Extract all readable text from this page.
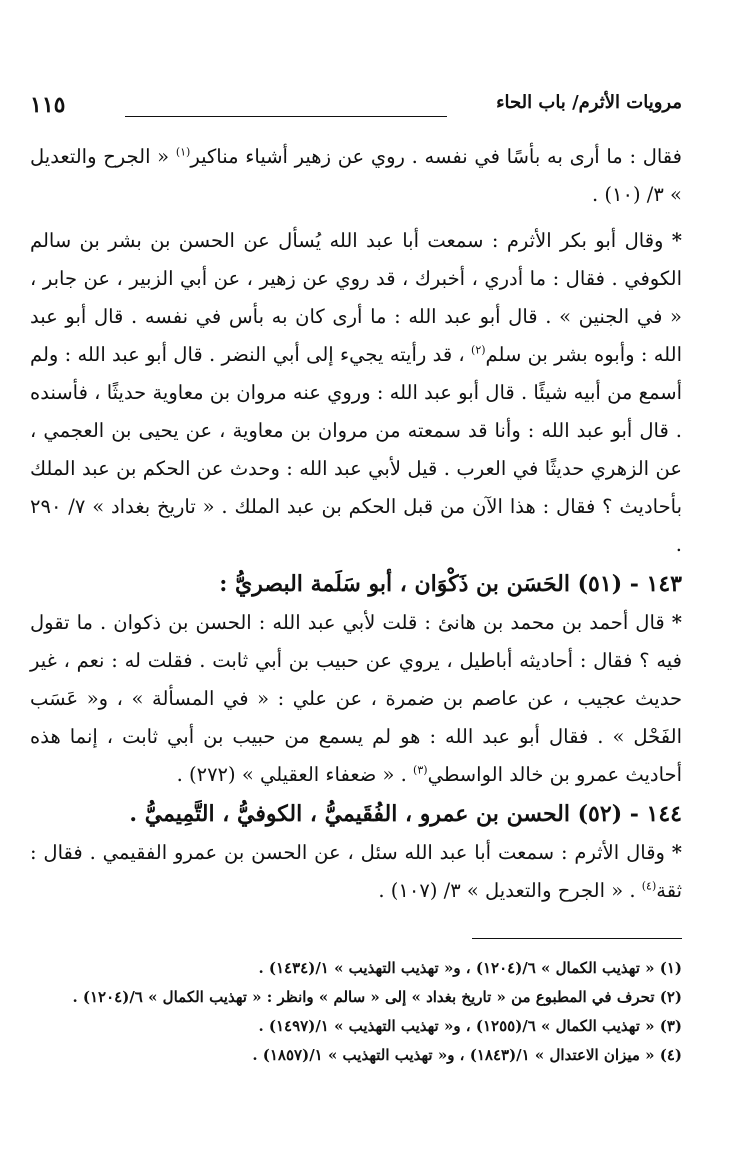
مرويات الأثرم/ باب الحاء
١١٥

فقال : ما أرى به بأسًا في نفسه . روي عن زهير أشياء مناكير$^{(١)}$ « الجرح والتعديل » ٣/ (١٠) .

* وقال أبو بكر الأثرم : سمعت أبا عبد الله يُسأل عن الحسن بن بشر بن سالم الكوفي . فقال : ما أدري ، أخبرك ، قد روي عن زهير ، عن أبي الزبير ، عن جابر ، « في الجنين » . قال أبو عبد الله : ما أرى كان به بأس في نفسه . قال أبو عبد الله : وأبوه بشر بن سلم$^{(٢)}$ ، قد رأيته يجيء إلى أبي النضر . قال أبو عبد الله : ولم أسمع من أبيه شيئًا . قال أبو عبد الله : وروي عنه مروان بن معاوية حديثًا ، فأسنده . قال أبو عبد الله : وأنا قد سمعته من مروان بن معاوية ، عن يحيى بن العجمي ، عن الزهري حديثًا في العرب . قيل لأبي عبد الله : وحدث عن الحكم بن عبد الملك بأحاديث ؟ فقال : هذا الآن من قبل الحكم بن عبد الملك . « تاريخ بغداد » ٧/ ٢٩٠ .

١٤٣ - (٥١) الحَسَن بن ذَكْوَان ، أبو سَلَمة البصريُّ :

* قال أحمد بن محمد بن هانئ : قلت لأبي عبد الله : الحسن بن ذكوان . ما تقول فيه ؟ فقال : أحاديثه أباطيل ، يروي عن حبيب بن أبي ثابت . فقلت له : نعم ، غير حديث عجيب ، عن عاصم بن ضمرة ، عن علي : « في المسألة » ، و« عَسَب الفَحْل » . فقال أبو عبد الله : هو لم يسمع من حبيب بن أبي ثابت ، إنما هذه أحاديث عمرو بن خالد الواسطي$^{(٣)}$ . « ضعفاء العقيلي » (٢٧٢) .

١٤٤ - (٥٢) الحسن بن عمرو ، الفُقَيميُّ ، الكوفيُّ ، التَّمِيميُّ .

* وقال الأثرم : سمعت أبا عبد الله سئل ، عن الحسن بن عمرو الفقيمي . فقال : ثقة$^{(٤)}$ . « الجرح والتعديل » ٣/ (١٠٧) .

(١) « تهذيب الكمال » ٦/(١٢٠٤) ، و« تهذيب التهذيب » ١/(١٤٣٤) .

(٢) تحرف في المطبوع من « تاريخ بغداد » إلى « سالم » وانظر : « تهذيب الكمال » ٦/(١٢٠٤) .

(٣) « تهذيب الكمال » ٦/(١٢٥٥) ، و« تهذيب التهذيب » ١/(١٤٩٧) .

(٤) « ميزان الاعتدال » ١/(١٨٤٣) ، و« تهذيب التهذيب » ١/(١٨٥٧) .
